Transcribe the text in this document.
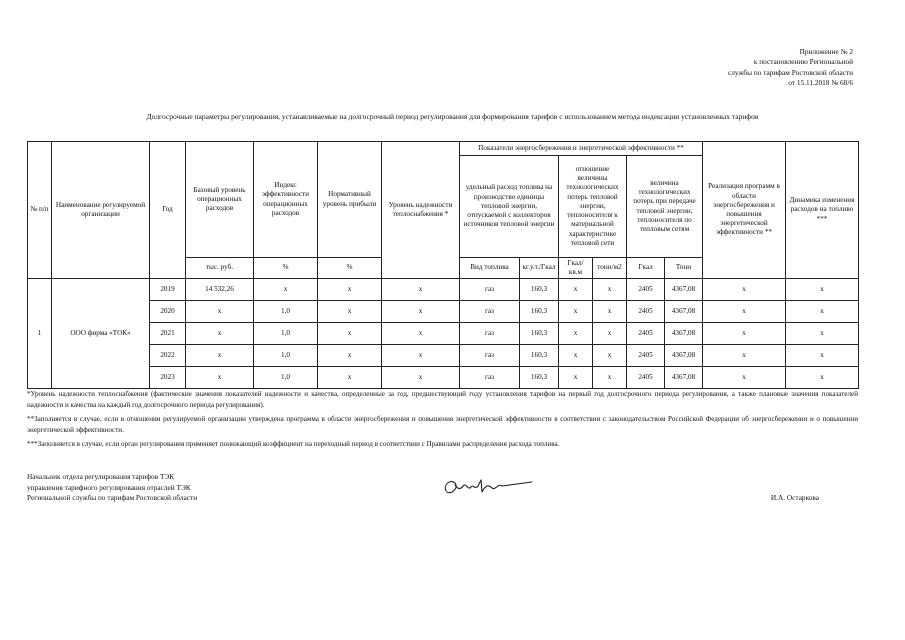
Приложение № 2
к постановлению Региональной
службы по тарифам Ростовской области
от 15.11.2018 № 68/6
Долгосрочные параметры регулирования, устанавливаемые на долгосрочный период регулирования для формирования тарифов с использованием метода индексации установленных тарифов
№ п/п	Наименование регулируемой организации	Год	Базовый уровень операционных расходов	Индекс эффективности операционных расходов	Нормативный уровень прибыли	Уровень надежности теплоснабжения *	Показатели энергосбережения и энергетической эффективности **						Реализация программ в области энергосбережения и повышения энергетической эффективности **	Динамика изменения расходов на топливо ***
							удельный расход топлива на производство единицы тепловой энергии, отпускаемой с коллекторов источников тепловой энергии		отношение величины технологических потерь тепловой энергии, теплоносителя к материальной характеристике тепловой сети		величина технологических потерь при передаче тепловой энергии, теплоносителя по тепловым сетям			
			тыс. руб.	%	%		Вид топлива	кг.у.т./Гкал	Гкал/ кв.м	тонн/м2	Гкал	Тонн		
1	ООО фирма «ТОК»	2019	14 532,26	х	х	х	газ	160,3	х	х	2405	4367,08	х	х
		2020	х	1,0	х	х	газ	160,3	х	х	2405	4367,08	х	х
		2021	х	1,0	х	х	газ	160,3	х	х	2405	4367,08	х	х
		2022	х	1,0	х	х	газ	160,3	х	х	2405	4367,08	х	х
		2023	х	1,0	х	х	газ	160,3	х	х	2405	4367,08	х	х

*Уровень надежности теплоснабжения (фактические значения показателей надежности и качества, определенные за год, предшествующий году установления тарифов на первый год долгосрочного периода регулирования, а также плановые значения показателей надежности и качества на каждый год долгосрочного периода регулирования).

**Заполняется в случае, если в отношении регулируемой организации утверждена программа в области энергосбережения и повышения энергетической эффективности в соответствии с законодательством Российской Федерации об энергосбережении и о повышении энергетической эффективности.

***Заполняется в случае, если орган регулирования применяет понижающий коэффициент на переходный период в соответствии с Правилами распределения расхода топлива.

Начальник отдела регулирования тарифов ТЭК
управления тарифного регулирования отраслей ТЭК
Региональной службы по тарифам Ростовской области	И.А. Остаркова
